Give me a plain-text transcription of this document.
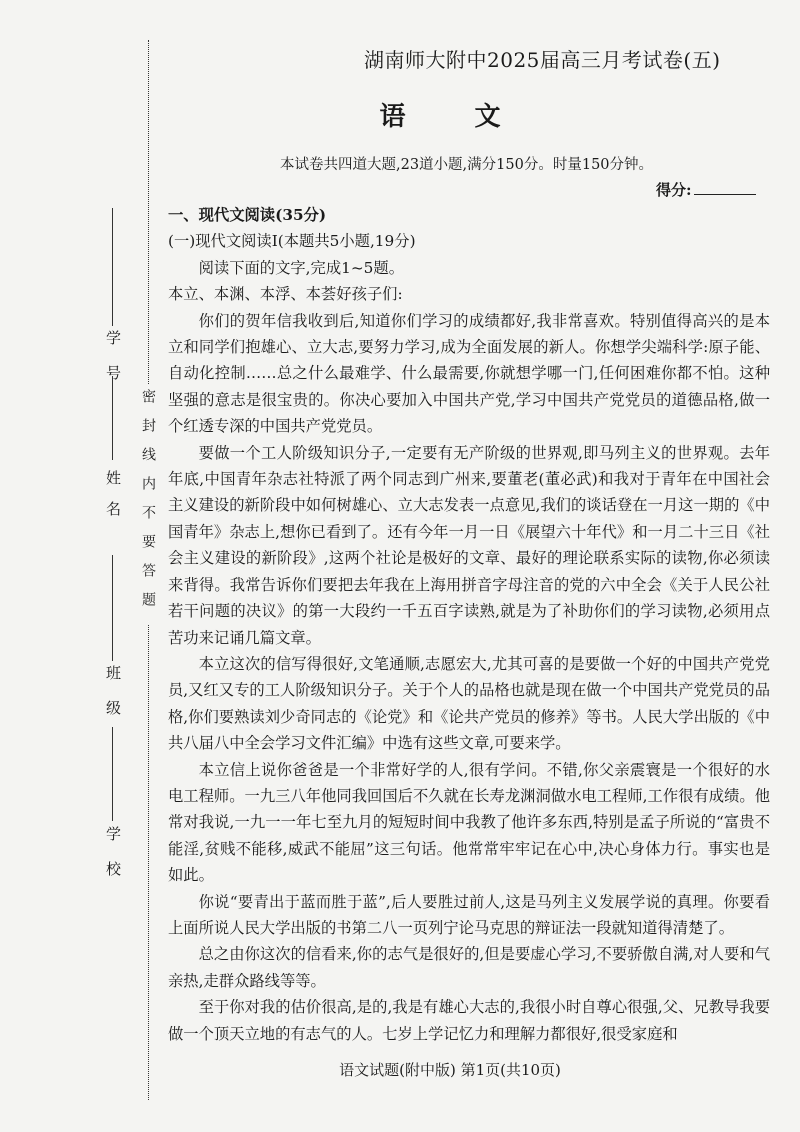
密封线内不要答题
学号
姓名
班级
学校
湖南师大附中2025届高三月考试卷(五)
语 文
本试卷共四道大题,23道小题,满分150分。时量150分钟。
得分:

一、现代文阅读(35分)

(一)现代文阅读Ⅰ(本题共5小题,19分)

阅读下面的文字,完成1~5题。

本立、本渊、本浮、本荟好孩子们:

你们的贺年信我收到后,知道你们学习的成绩都好,我非常喜欢。特别值得高兴的是本立和同学们抱雄心、立大志,要努力学习,成为全面发展的新人。你想学尖端科学:原子能、自动化控制……总之什么最难学、什么最需要,你就想学哪一门,任何困难你都不怕。这种坚强的意志是很宝贵的。你决心要加入中国共产党,学习中国共产党党员的道德品格,做一个红透专深的中国共产党党员。

要做一个工人阶级知识分子,一定要有无产阶级的世界观,即马列主义的世界观。去年年底,中国青年杂志社特派了两个同志到广州来,要董老(董必武)和我对于青年在中国社会主义建设的新阶段中如何树雄心、立大志发表一点意见,我们的谈话登在一月这一期的《中国青年》杂志上,想你已看到了。还有今年一月一日《展望六十年代》和一月二十三日《社会主义建设的新阶段》,这两个社论是极好的文章、最好的理论联系实际的读物,你必须读来背得。我常告诉你们要把去年我在上海用拼音字母注音的党的六中全会《关于人民公社若干问题的决议》的第一大段约一千五百字读熟,就是为了补助你们的学习读物,必须用点苦功来记诵几篇文章。

本立这次的信写得很好,文笔通顺,志愿宏大,尤其可喜的是要做一个好的中国共产党党员,又红又专的工人阶级知识分子。关于个人的品格也就是现在做一个中国共产党党员的品格,你们要熟读刘少奇同志的《论党》和《论共产党员的修养》等书。人民大学出版的《中共八届八中全会学习文件汇编》中选有这些文章,可要来学。

本立信上说你爸爸是一个非常好学的人,很有学问。不错,你父亲震寰是一个很好的水电工程师。一九三八年他同我回国后不久就在长寿龙渊洞做水电工程师,工作很有成绩。他常对我说,一九一一年七至九月的短短时间中我教了他许多东西,特别是孟子所说的“富贵不能淫,贫贱不能移,威武不能屈”这三句话。他常常牢牢记在心中,决心身体力行。事实也是如此。

你说“要青出于蓝而胜于蓝”,后人要胜过前人,这是马列主义发展学说的真理。你要看上面所说人民大学出版的书第二八一页列宁论马克思的辩证法一段就知道得清楚了。

总之由你这次的信看来,你的志气是很好的,但是要虚心学习,不要骄傲自满,对人要和气亲热,走群众路线等等。

至于你对我的估价很高,是的,我是有雄心大志的,我很小时自尊心很强,父、兄教导我要做一个顶天立地的有志气的人。七岁上学记忆力和理解力都很好,很受家庭和

语文试题(附中版) 第1页(共10页)
